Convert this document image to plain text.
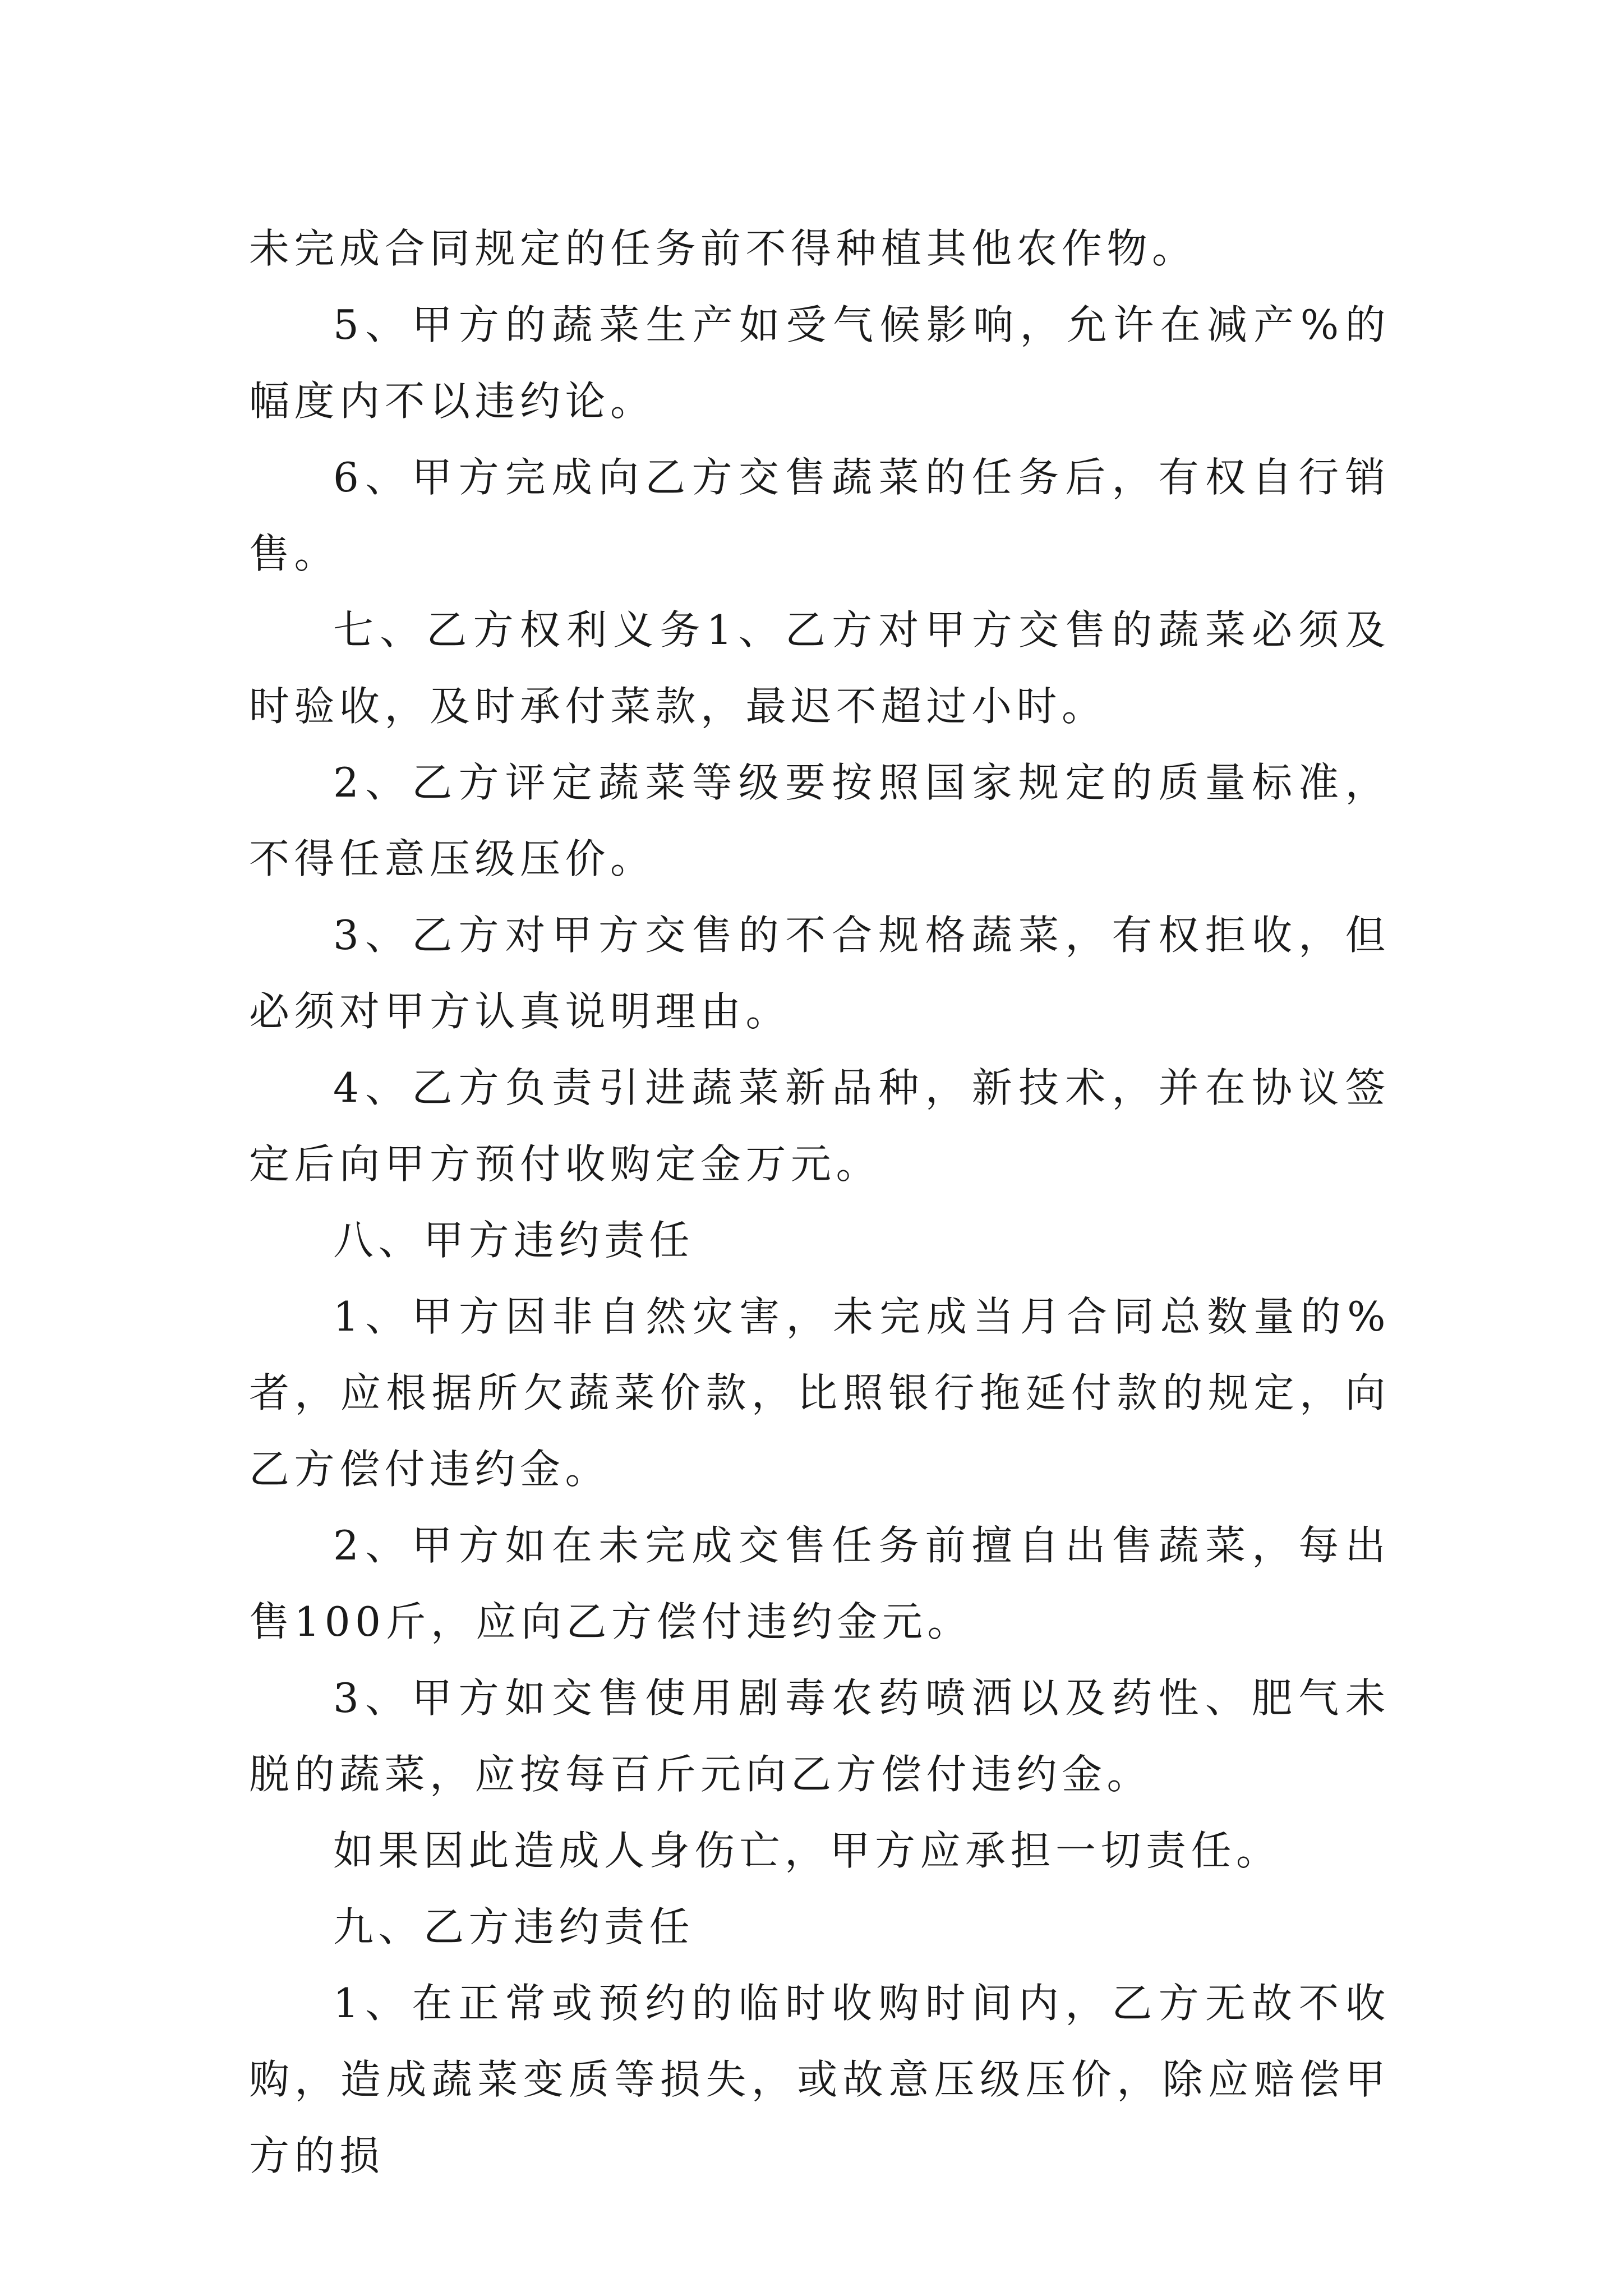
未完成合同规定的任务前不得种植其他农作物。

5、甲方的蔬菜生产如受气候影响，允许在减产%的幅度内不以违约论。

6、甲方完成向乙方交售蔬菜的任务后，有权自行销售。

七、乙方权利义务1、乙方对甲方交售的蔬菜必须及时验收，及时承付菜款，最迟不超过小时。

2、乙方评定蔬菜等级要按照国家规定的质量标准，不得任意压级压价。

3、乙方对甲方交售的不合规格蔬菜，有权拒收，但必须对甲方认真说明理由。

4、乙方负责引进蔬菜新品种，新技术，并在协议签定后向甲方预付收购定金万元。

八、甲方违约责任

1、甲方因非自然灾害，未完成当月合同总数量的%者，应根据所欠蔬菜价款，比照银行拖延付款的规定，向乙方偿付违约金。

2、甲方如在未完成交售任务前擅自出售蔬菜，每出售100斤，应向乙方偿付违约金元。

3、甲方如交售使用剧毒农药喷洒以及药性、肥气未脱的蔬菜，应按每百斤元向乙方偿付违约金。

如果因此造成人身伤亡，甲方应承担一切责任。

九、乙方违约责任

1、在正常或预约的临时收购时间内，乙方无故不收购，造成蔬菜变质等损失，或故意压级压价，除应赔偿甲方的损
